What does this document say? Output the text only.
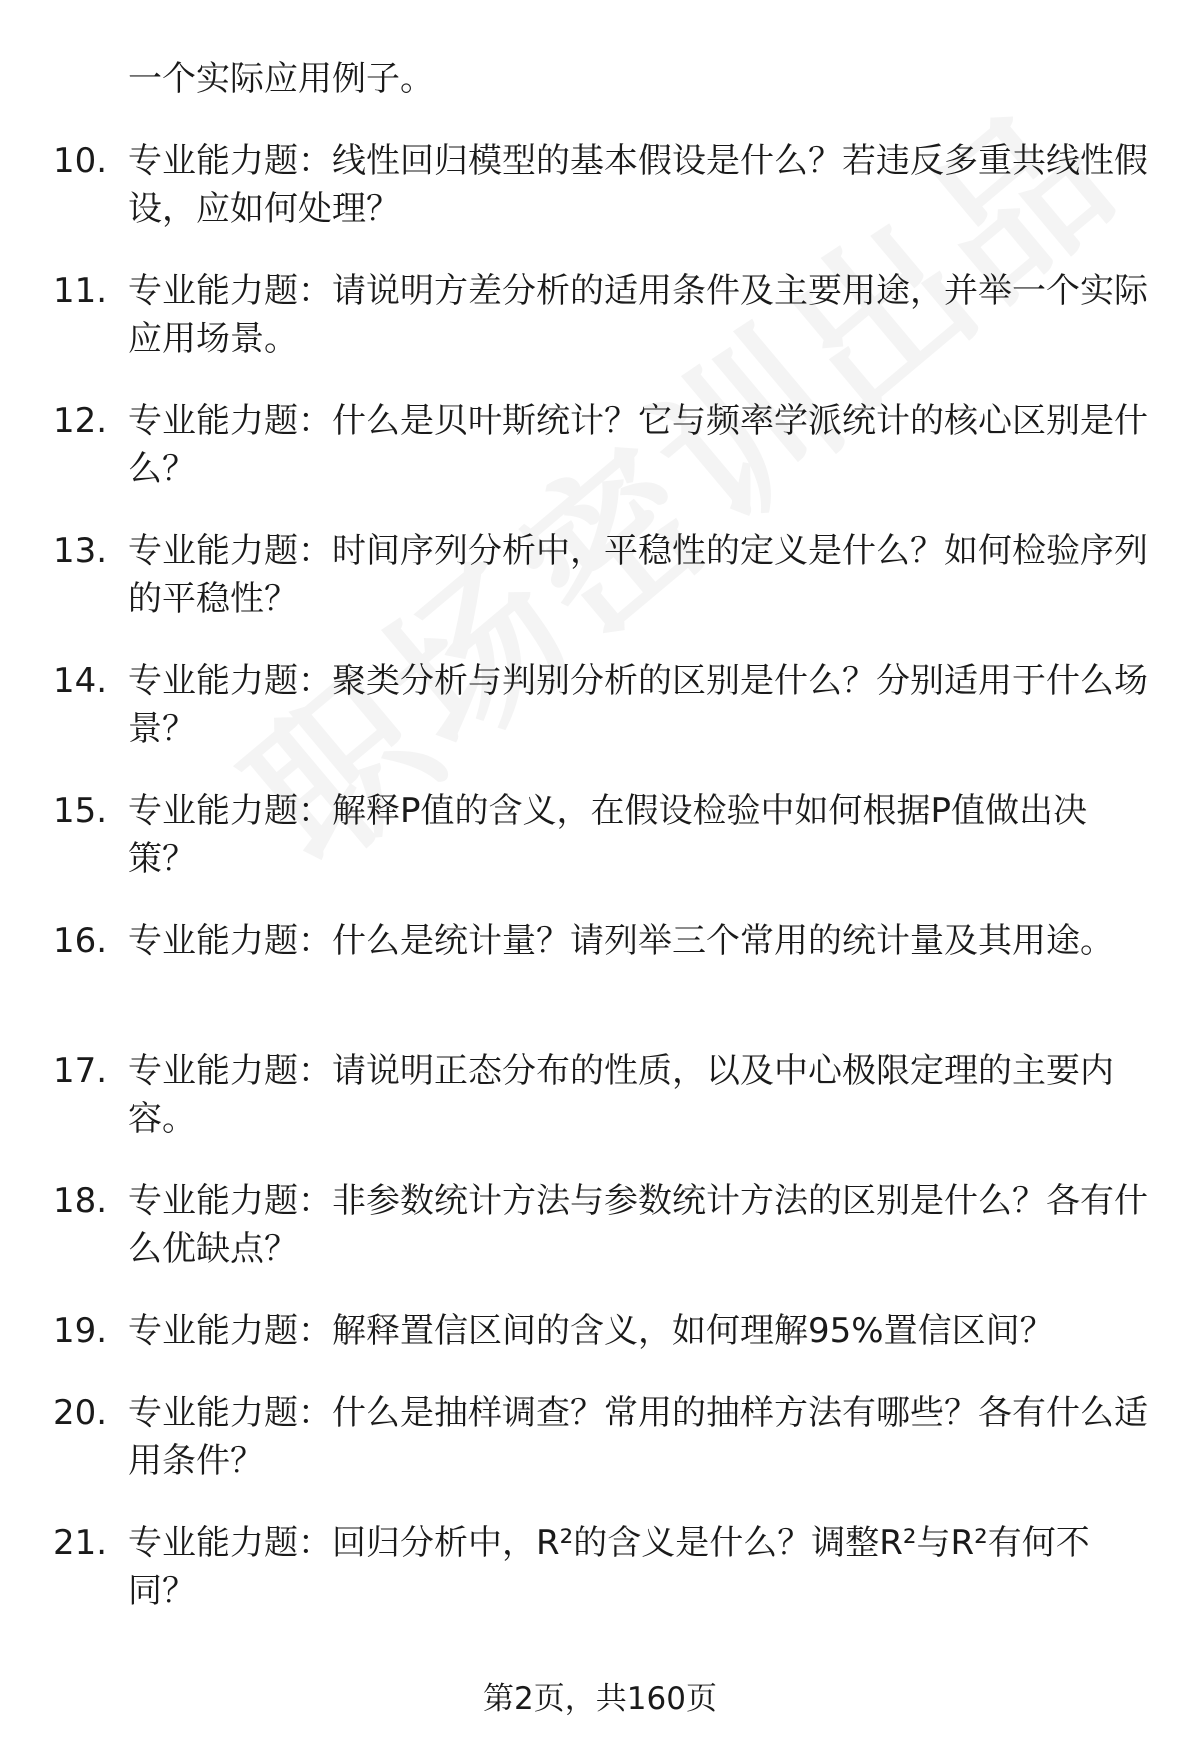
一个实际应用例子。
10. 专业能力题：线性回归模型的基本假设是什么？若违反多重共线性假设，应如何处理？
11. 专业能力题：请说明方差分析的适用条件及主要用途，并举一个实际应用场景。
12. 专业能力题：什么是贝叶斯统计？它与频率学派统计的核心区别是什么？
13. 专业能力题：时间序列分析中，平稳性的定义是什么？如何检验序列的平稳性？
14. 专业能力题：聚类分析与判别分析的区别是什么？分别适用于什么场景？
15. 专业能力题：解释P值的含义，在假设检验中如何根据P值做出决策？
16. 专业能力题：什么是统计量？请列举三个常用的统计量及其用途。
17. 专业能力题：请说明正态分布的性质，以及中心极限定理的主要内容。
18. 专业能力题：非参数统计方法与参数统计方法的区别是什么？各有什么优缺点？
19. 专业能力题：解释置信区间的含义，如何理解95%置信区间？
20. 专业能力题：什么是抽样调查？常用的抽样方法有哪些？各有什么适用条件？
21. 专业能力题：回归分析中，R²的含义是什么？调整R²与R²有何不同？
第2页，共160页
